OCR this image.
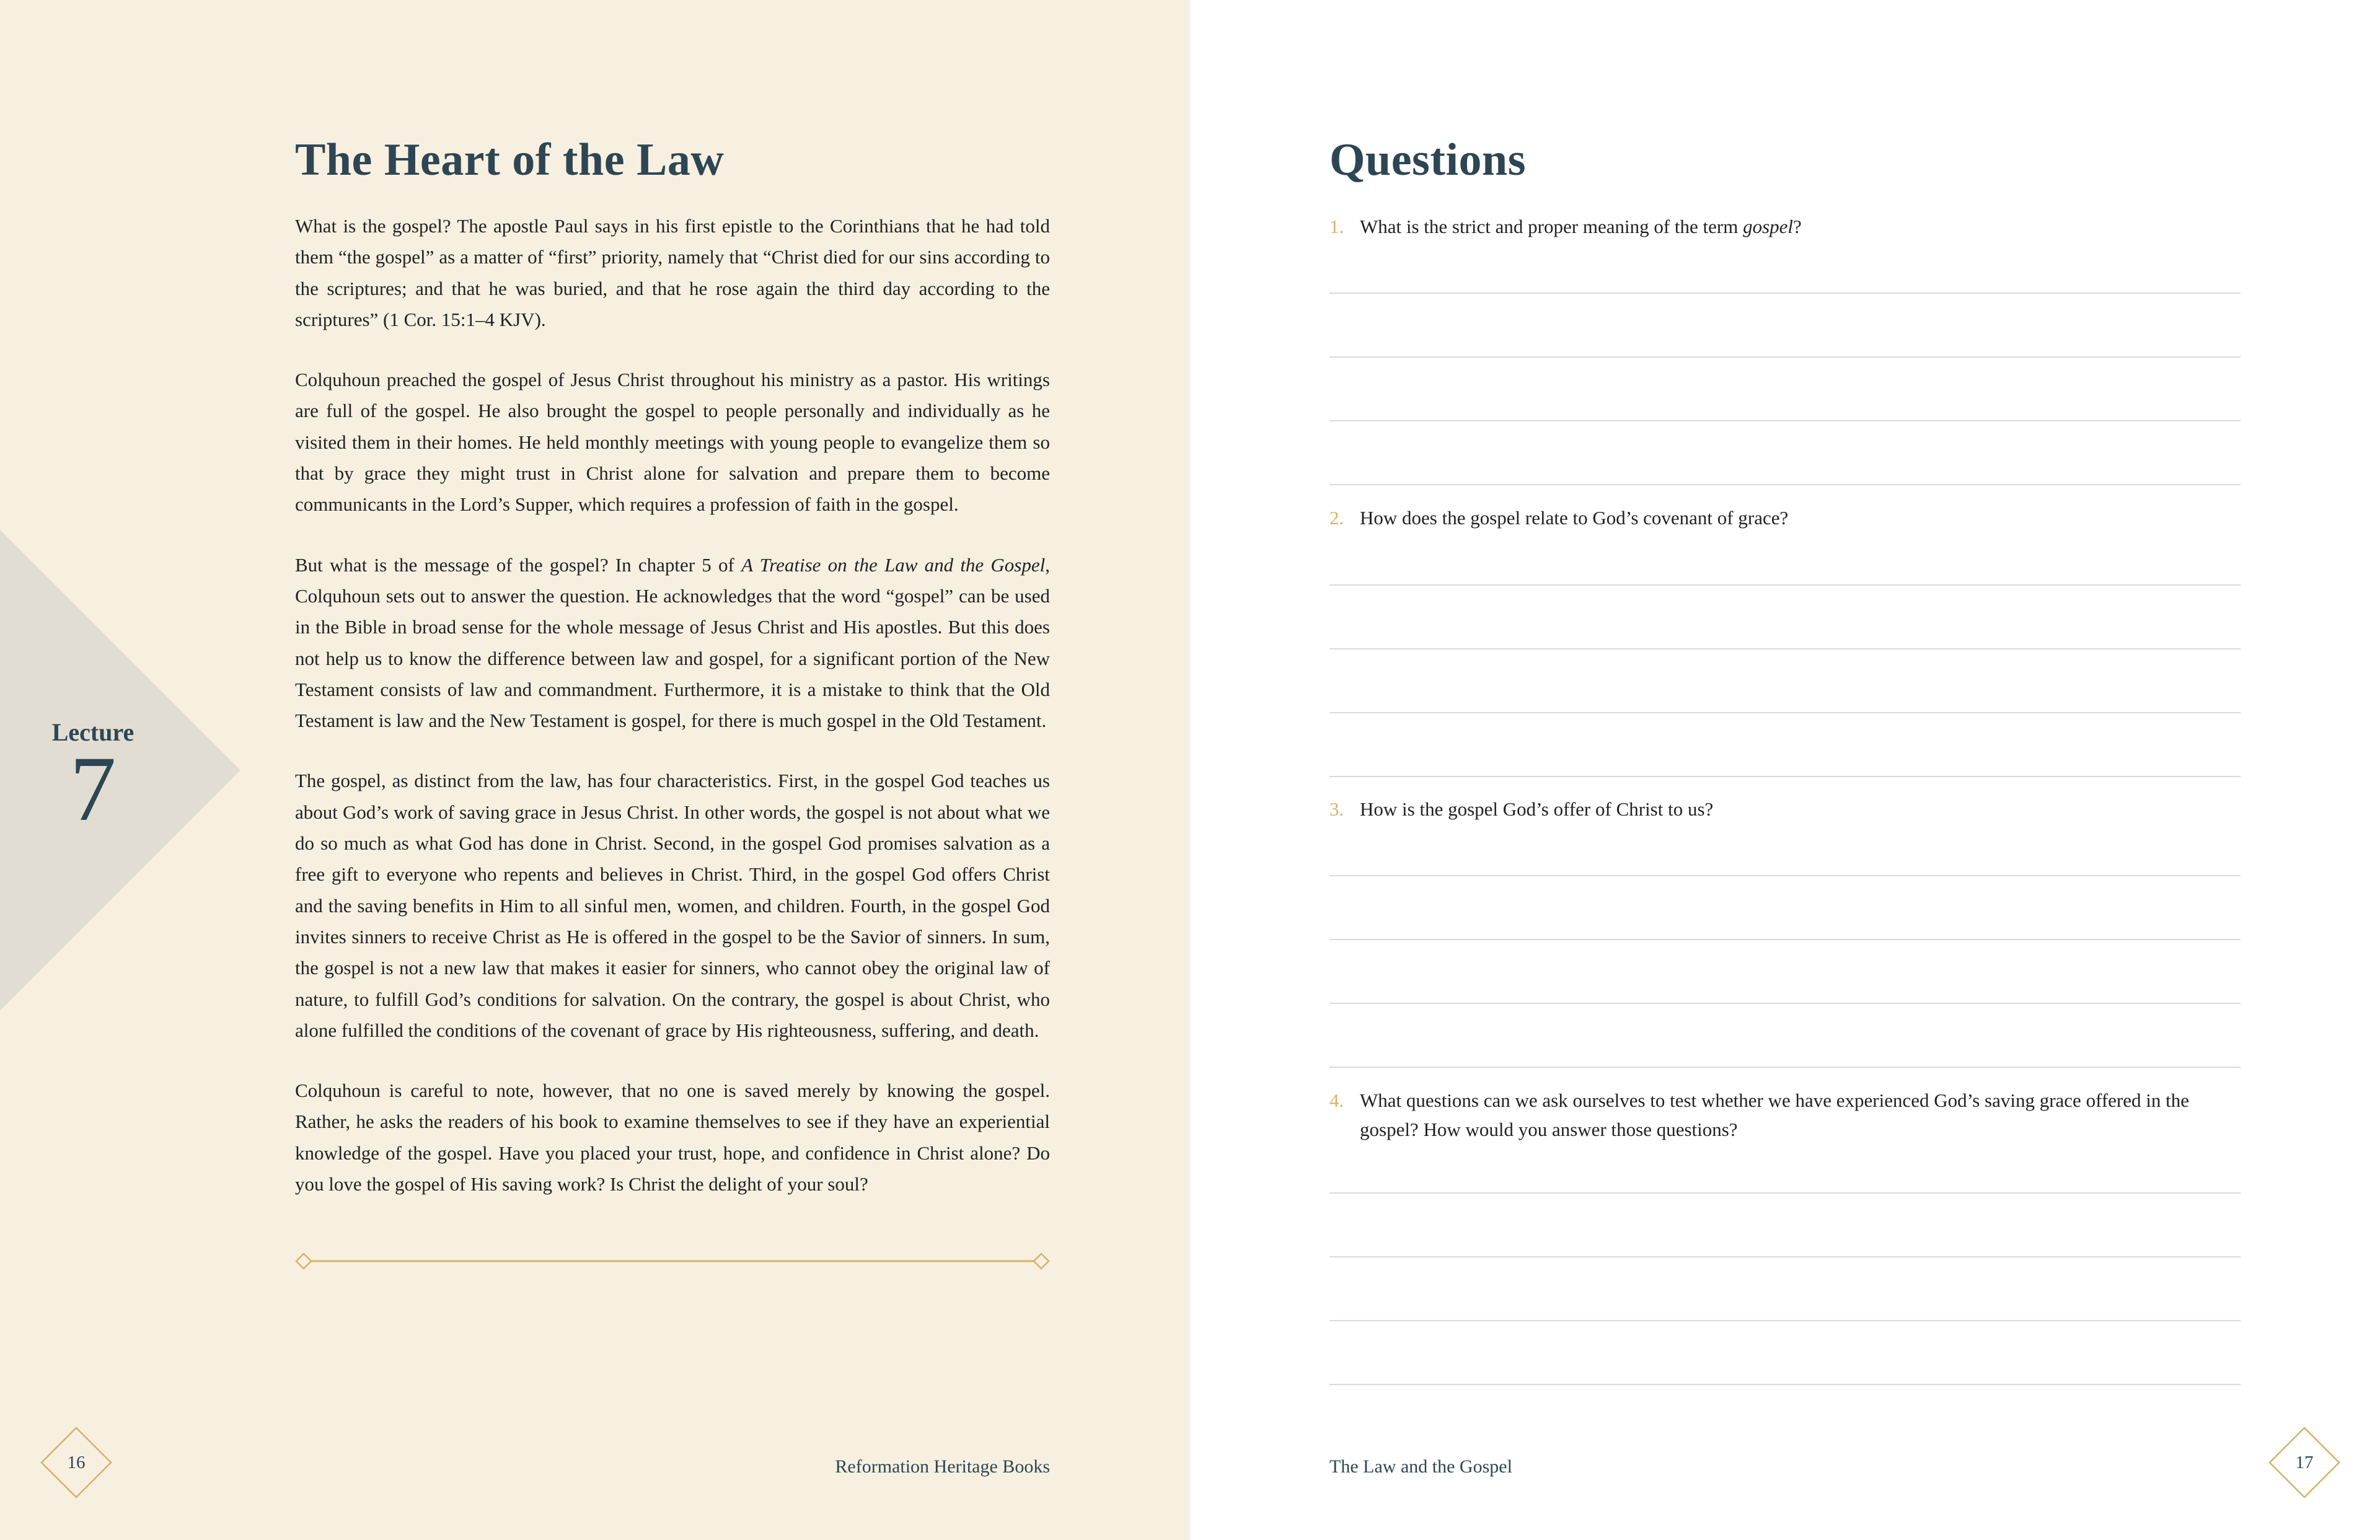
Lecture
7
The Heart of the Law

What is the gospel? The apostle Paul says in his first epistle to the Corinthians that he had told them “the gospel” as a matter of “first” priority, namely that “Christ died for our sins according to the scriptures; and that he was buried, and that he rose again the third day according to the scriptures” (1 Cor. 15:1–4 KJV).

Colquhoun preached the gospel of Jesus Christ throughout his ministry as a pastor. His writings are full of the gospel. He also brought the gospel to people personally and individually as he visited them in their homes. He held monthly meetings with young people to evangelize them so that by grace they might trust in Christ alone for salvation and prepare them to become communicants in the Lord’s Supper, which requires a profession of faith in the gospel.

But what is the message of the gospel? In chapter 5 of A Treatise on the Law and the Gospel, Colquhoun sets out to answer the question. He acknowledges that the word “gospel” can be used in the Bible in broad sense for the whole message of Jesus Christ and His apostles. But this does not help us to know the difference between law and gospel, for a significant portion of the New Testament consists of law and commandment. Furthermore, it is a mistake to think that the Old Testament is law and the New Testament is gospel, for there is much gospel in the Old Testament.

The gospel, as distinct from the law, has four characteristics. First, in the gospel God teaches us about God’s work of saving grace in Jesus Christ. In other words, the gospel is not about what we do so much as what God has done in Christ. Second, in the gospel God promises salvation as a free gift to everyone who repents and believes in Christ. Third, in the gospel God offers Christ and the saving benefits in Him to all sinful men, women, and children. Fourth, in the gospel God invites sinners to receive Christ as He is offered in the gospel to be the Savior of sinners. In sum, the gospel is not a new law that makes it easier for sinners, who cannot obey the original law of nature, to fulfill God’s conditions for salvation. On the contrary, the gospel is about Christ, who alone fulfilled the conditions of the covenant of grace by His righteousness, suffering, and death.

Colquhoun is careful to note, however, that no one is saved merely by knowing the gospel. Rather, he asks the readers of his book to examine themselves to see if they have an experiential knowledge of the gospel. Have you placed your trust, hope, and confidence in Christ alone? Do you love the gospel of His saving work? Is Christ the delight of your soul?

16	Reformation Heritage Books
Questions
1. What is the strict and proper meaning of the term gospel?
2. How does the gospel relate to God’s covenant of grace?
3. How is the gospel God’s offer of Christ to us?
4. What questions can we ask ourselves to test whether we have experienced God’s saving grace offered in the gospel? How would you answer those questions?
The Law and the Gospel	17
